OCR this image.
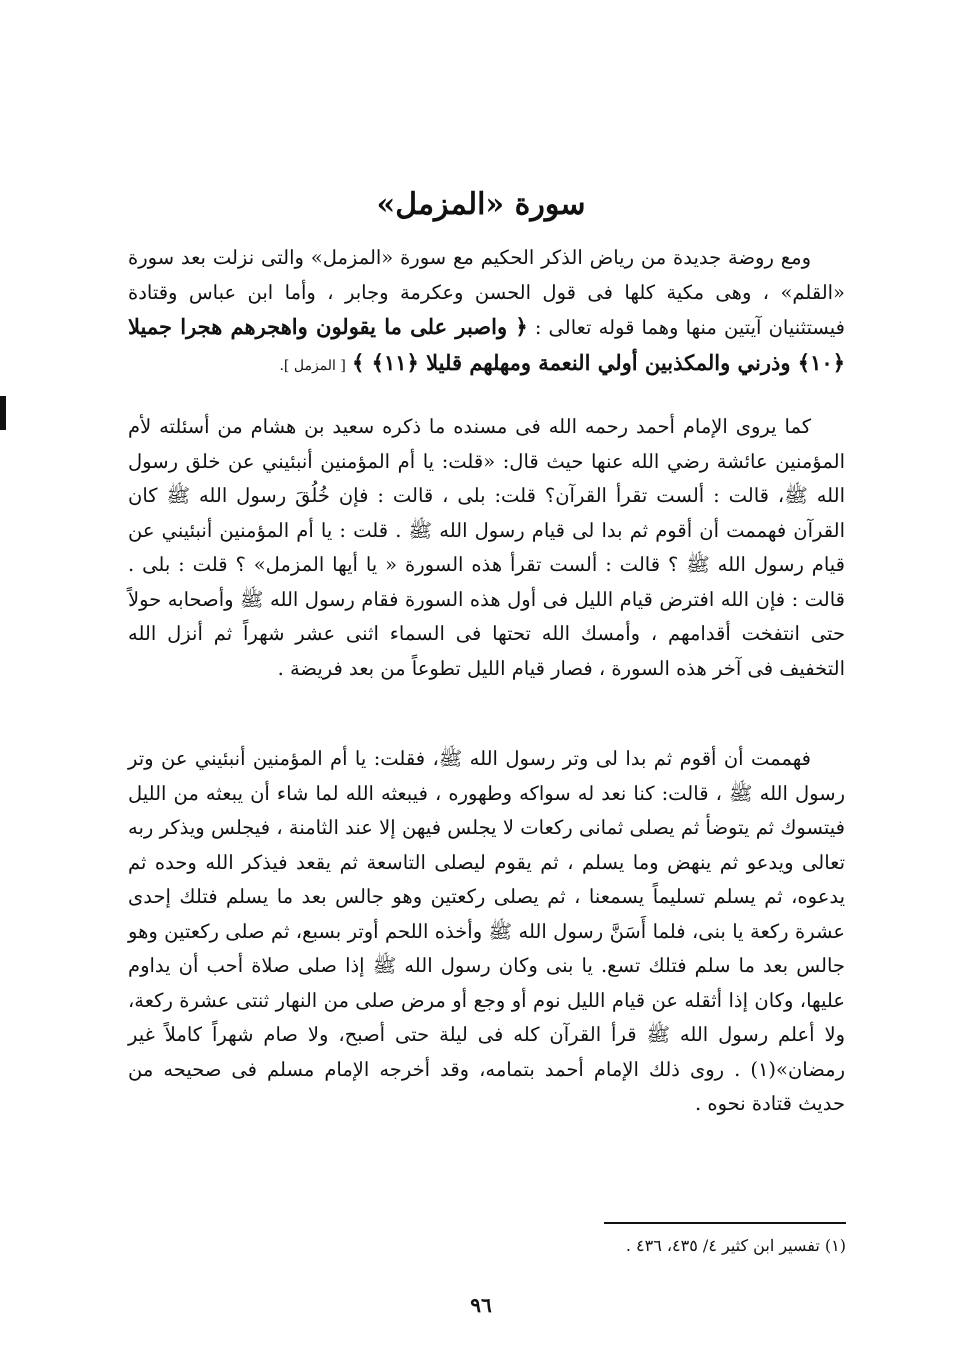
سورة «المزمل»

ومع روضة جديدة من رياض الذكر الحكيم مع سورة «المزمل» والتى نزلت بعد سورة «القلم» ، وهى مكية كلها فى قول الحسن وعكرمة وجابر ، وأما ابن عباس وقتادة فيستثنيان آيتين منها وهما قوله تعالى : ﴿ واصبر على ما يقولون واهجرهم هجرا جميلا ﴿١٠﴾ وذرني والمكذبين أولي النعمة ومهلهم قليلا ﴿١١﴾ ﴾ [ المزمل ].

كما يروى الإمام أحمد رحمه الله فى مسنده ما ذكره سعيد بن هشام من أسئلته لأم المؤمنين عائشة رضي الله عنها حيث قال: «قلت: يا أم المؤمنين أنبئيني عن خلق رسول الله ﷺ، قالت : ألست تقرأ القرآن؟ قلت: بلى ، قالت : فإن خُلُقَ رسول الله ﷺ كان القرآن فهممت أن أقوم ثم بدا لى قيام رسول الله ﷺ . قلت : يا أم المؤمنين أنبئيني عن قيام رسول الله ﷺ ؟ قالت : ألست تقرأ هذه السورة « يا أيها المزمل» ؟ قلت : بلى . قالت : فإن الله افترض قيام الليل فى أول هذه السورة فقام رسول الله ﷺ وأصحابه حولاً حتى انتفخت أقدامهم ، وأمسك الله تحتها فى السماء اثنى عشر شهراً ثم أنزل الله التخفيف فى آخر هذه السورة ، فصار قيام الليل تطوعاً من بعد فريضة .

فهممت أن أقوم ثم بدا لى وتر رسول الله ﷺ، فقلت: يا أم المؤمنين أنبئيني عن وتر رسول الله ﷺ ، قالت: كنا نعد له سواكه وطهوره ، فيبعثه الله لما شاء أن يبعثه من الليل فيتسوك ثم يتوضأ ثم يصلى ثمانى ركعات لا يجلس فيهن إلا عند الثامنة ، فيجلس ويذكر ربه تعالى ويدعو ثم ينهض وما يسلم ، ثم يقوم ليصلى التاسعة ثم يقعد فيذكر الله وحده ثم يدعوه، ثم يسلم تسليماً يسمعنا ، ثم يصلى ركعتين وهو جالس بعد ما يسلم فتلك إحدى عشرة ركعة يا بنى، فلما أَسَنَّ رسول الله ﷺ وأخذه اللحم أوتر بسبع، ثم صلى ركعتين وهو جالس بعد ما سلم فتلك تسع. يا بنى وكان رسول الله ﷺ إذا صلى صلاة أحب أن يداوم عليها، وكان إذا أثقله عن قيام الليل نوم أو وجع أو مرض صلى من النهار ثنتى عشرة ركعة، ولا أعلم رسول الله ﷺ قرأ القرآن كله فى ليلة حتى أصبح، ولا صام شهراً كاملاً غير رمضان»(١) . روى ذلك الإمام أحمد بتمامه، وقد أخرجه الإمام مسلم فى صحيحه من حديث قتادة نحوه .

(١) تفسير ابن كثير ٤/ ٤٣٥، ٤٣٦ .
٩٦
